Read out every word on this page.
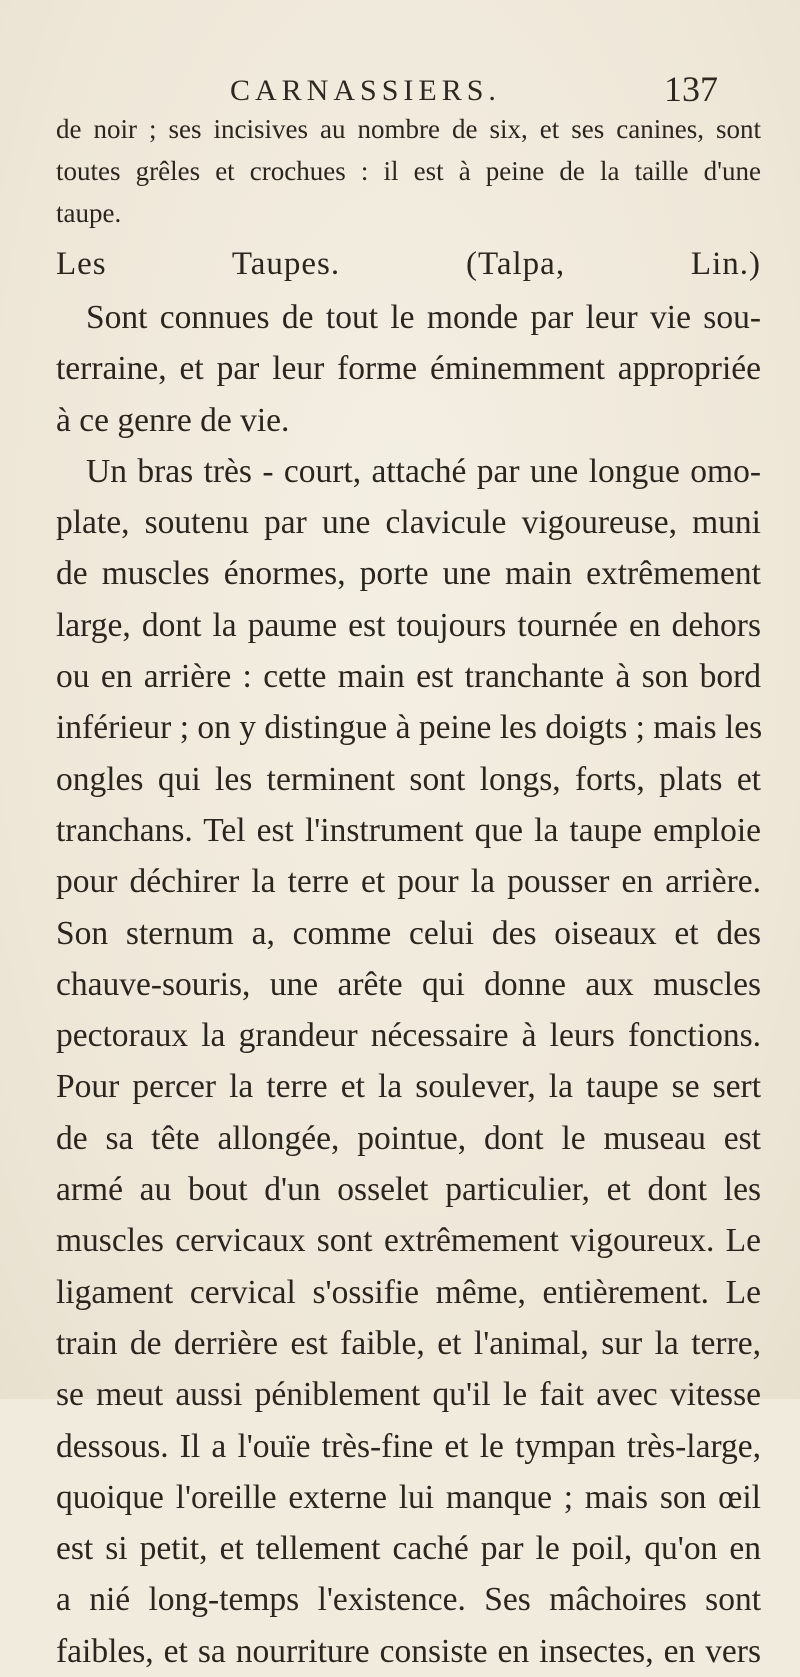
CARNASSIERS.	137
de noir ; ses incisives au nombre de six, et ses canines, sont
toutes grêles et crochues : il est à peine de la taille d'une
taupe.
Les Taupes. (Talpa, Lin.)
Sont connues de tout le monde par leur vie sou-
terraine, et par leur forme éminemment appropriée
à ce genre de vie.
Un bras très - court, attaché par une longue omo-
plate, soutenu par une clavicule vigoureuse, muni
de muscles énormes, porte une main extrêmement
large, dont la paume est toujours tournée en dehors
ou en arrière : cette main est tranchante à son bord
inférieur ; on y distingue à peine les doigts ; mais les
ongles qui les terminent sont longs, forts, plats et
tranchans. Tel est l'instrument que la taupe emploie
pour déchirer la terre et pour la pousser en arrière.
Son sternum a, comme celui des oiseaux et des
chauve-souris, une arête qui donne aux muscles
pectoraux la grandeur nécessaire à leurs fonctions.
Pour percer la terre et la soulever, la taupe se sert
de sa tête allongée, pointue, dont le museau est
armé au bout d'un osselet particulier, et dont les
muscles cervicaux sont extrêmement vigoureux. Le
ligament cervical s'ossifie même, entièrement. Le
train de derrière est faible, et l'animal, sur la terre,
se meut aussi péniblement qu'il le fait avec vitesse
dessous. Il a l'ouïe très-fine et le tympan très-large,
quoique l'oreille externe lui manque ; mais son œil
est si petit, et tellement caché par le poil, qu'on en
a nié long-temps l'existence. Ses mâchoires sont
faibles, et sa nourriture consiste en insectes, en vers
